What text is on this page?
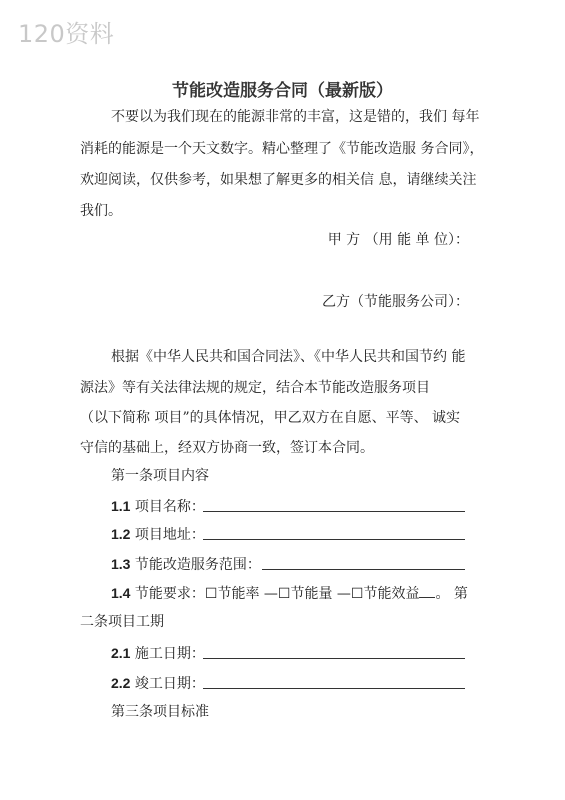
120资料
节能改造服务合同（最新版）
不要以为我们现在的能源非常的丰富，这是错的，我们 每年
消耗的能源是一个天文数字。精心整理了《节能改造服 务合同》，
欢迎阅读，仅供参考，如果想了解更多的相关信 息，请继续关注
我们。
甲 方 （用 能 单 位）：
乙方（节能服务公司）：
根据《中华人民共和国合同法》、《中华人民共和国节约 能
源法》等有关法律法规的规定，结合本节能改造服务项目
（以下简称 项目”的具体情况，甲乙双方在自愿、平等、 诚实
守信的基础上，经双方协商一致，签订本合同。
第一条项目内容
1.1 项目名称：
1.2 项目地址：
1.3 节能改造服务范围：
1.4 节能要求：☐节能率 —☐节能量 —☐节能效益 。 第
二条项目工期
2.1 施工日期：
2.2 竣工日期：
第三条项目标准
